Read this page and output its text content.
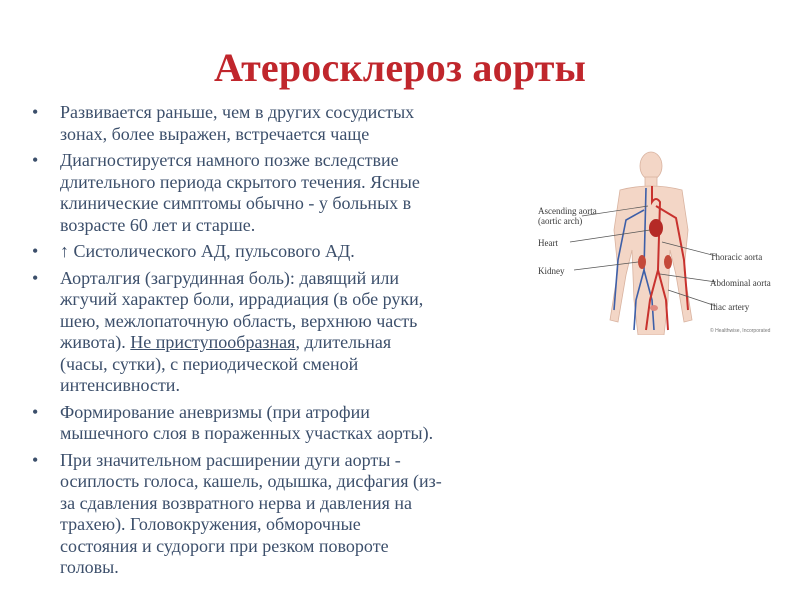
Атеросклероз аорты
• Развивается раньше, чем в других сосудистых
зонах, более выражен, встречается чаще
• Диагностируется намного позже вследствие
длительного периода скрытого течения. Ясные
клинические симптомы обычно - у больных в
возрасте 60 лет и старше.
• ↑ Систолического АД, пульсового АД.
• Аорталгия (загрудинная боль): давящий или
жгучий характер боли, иррадиация (в обе руки,
шею, межлопаточную область, верхнюю часть
живота). Не приступообразная, длительная
(часы, сутки), с периодической сменой
интенсивности.
• Формирование аневризмы (при атрофии
мышечного слоя в пораженных участках аорты).
• При значительном расширении дуги аорты -
осиплость голоса, кашель, одышка, дисфагия (из-
за сдавления возвратного нерва и давления на
трахею). Головокружения, обморочные
состояния и судороги при резком повороте
головы.
Ascending aorta
(aortic arch)
Heart
Kidney
Thoracic aorta
Abdominal aorta
Iliac artery
© Healthwise, Incorporated
